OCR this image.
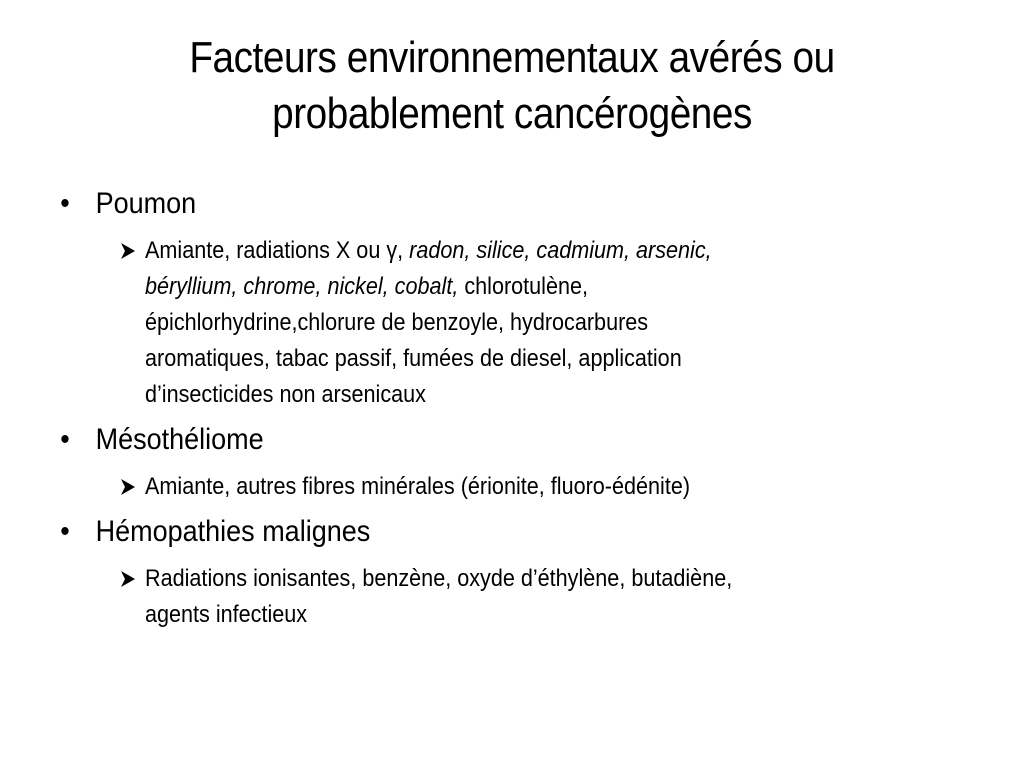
Facteurs environnementaux avérés ou
probablement cancérogènes
• Poumon
Amiante, radiations X ou γ, radon, silice, cadmium, arsenic,
béryllium, chrome, nickel, cobalt, chlorotulène,
épichlorhydrine,chlorure de benzoyle, hydrocarbures
aromatiques, tabac passif, fumées de diesel, application
d’insecticides non arsenicaux
• Mésothéliome
Amiante, autres fibres minérales (érionite, fluoro-édénite)
• Hémopathies malignes
Radiations ionisantes, benzène, oxyde d’éthylène, butadiène,
agents infectieux
